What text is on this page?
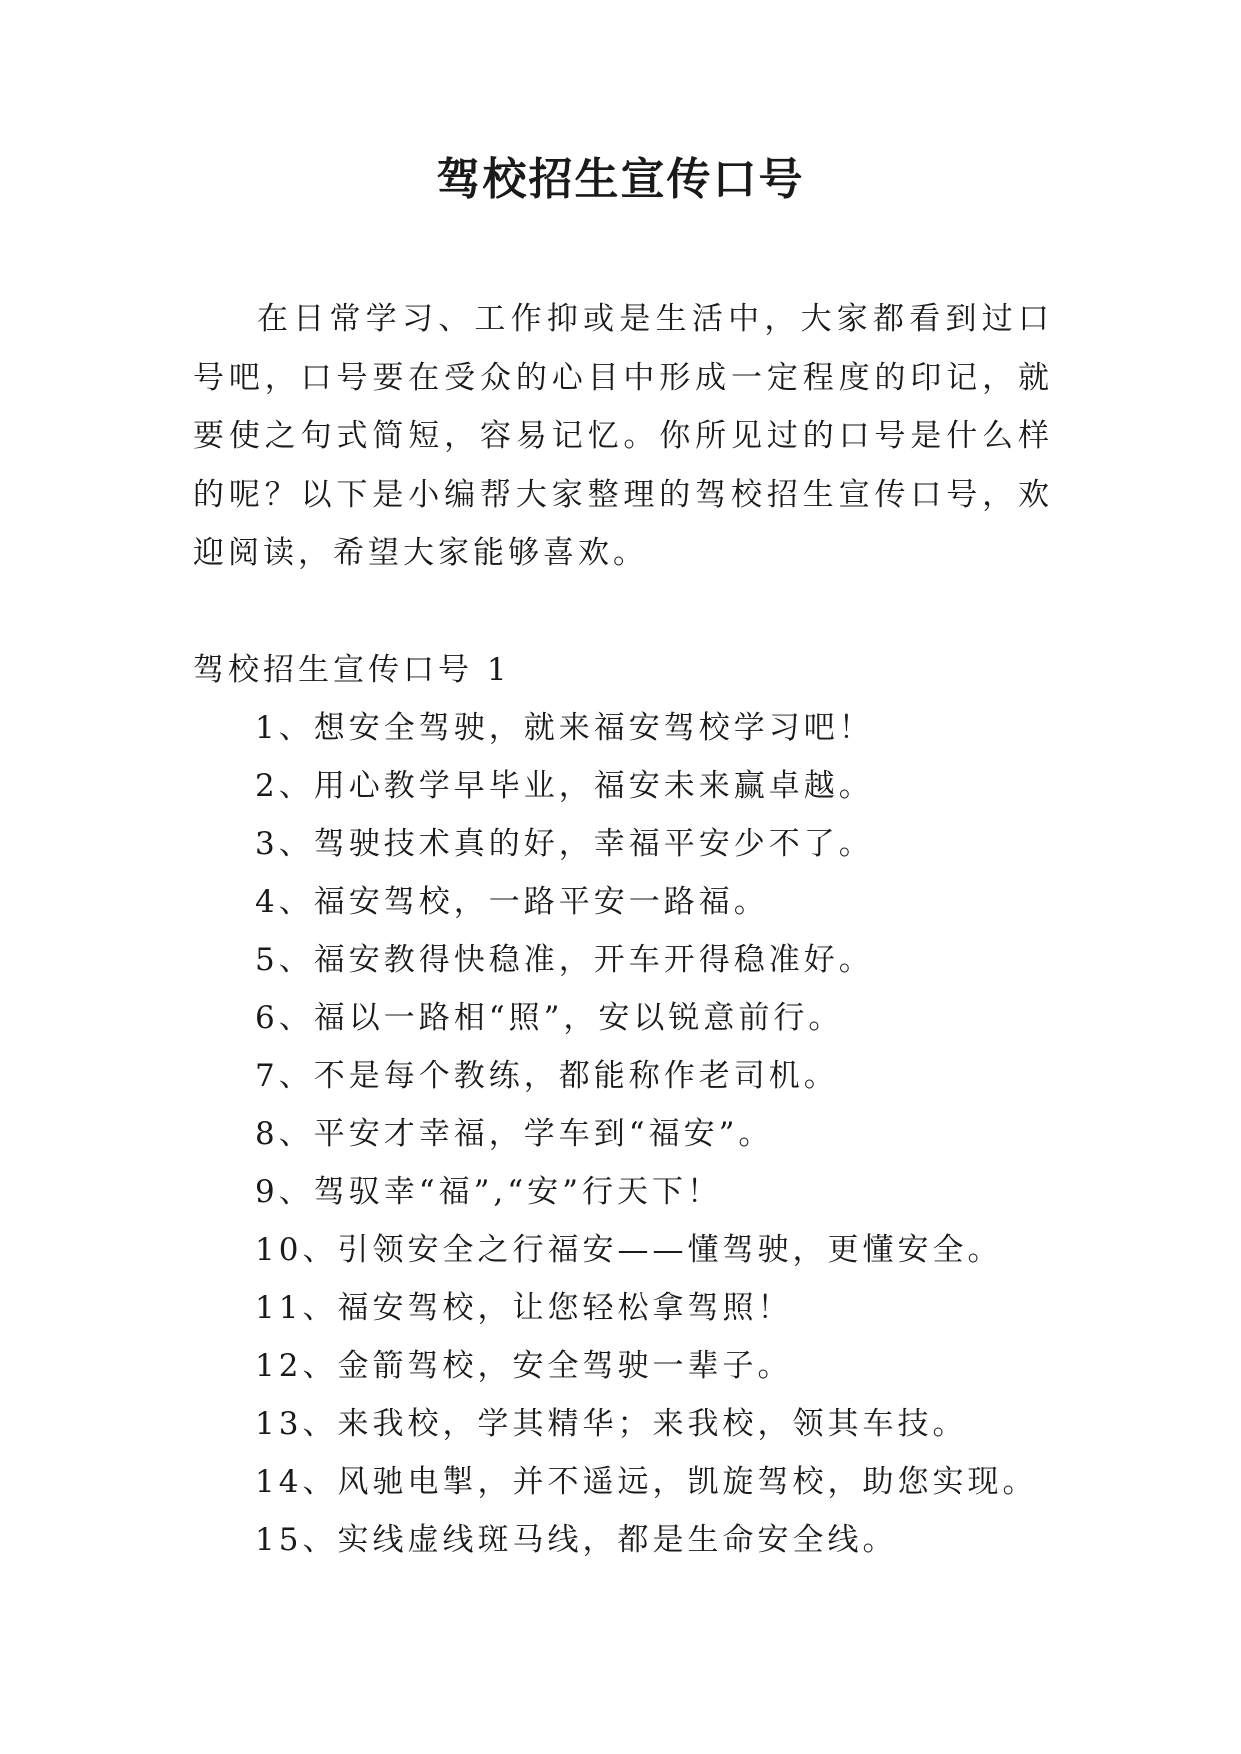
驾校招生宣传口号

在日常学习、工作抑或是生活中，大家都看到过口号吧，口号要在受众的心目中形成一定程度的印记，就要使之句式简短，容易记忆。你所见过的口号是什么样的呢？以下是小编帮大家整理的驾校招生宣传口号，欢迎阅读，希望大家能够喜欢。

驾校招生宣传口号 1

1、想安全驾驶，就来福安驾校学习吧！
2、用心教学早毕业，福安未来赢卓越。
3、驾驶技术真的好，幸福平安少不了。
4、福安驾校，一路平安一路福。
5、福安教得快稳准，开车开得稳准好。
6、福以一路相“照”，安以锐意前行。
7、不是每个教练，都能称作老司机。
8、平安才幸福，学车到“福安”。
9、驾驭幸“福”,“安”行天下！
10、引领安全之行福安——懂驾驶，更懂安全。
11、福安驾校，让您轻松拿驾照！
12、金箭驾校，安全驾驶一辈子。
13、来我校，学其精华；来我校，领其车技。
14、风驰电掣，并不遥远，凯旋驾校，助您实现。
15、实线虚线斑马线，都是生命安全线。
